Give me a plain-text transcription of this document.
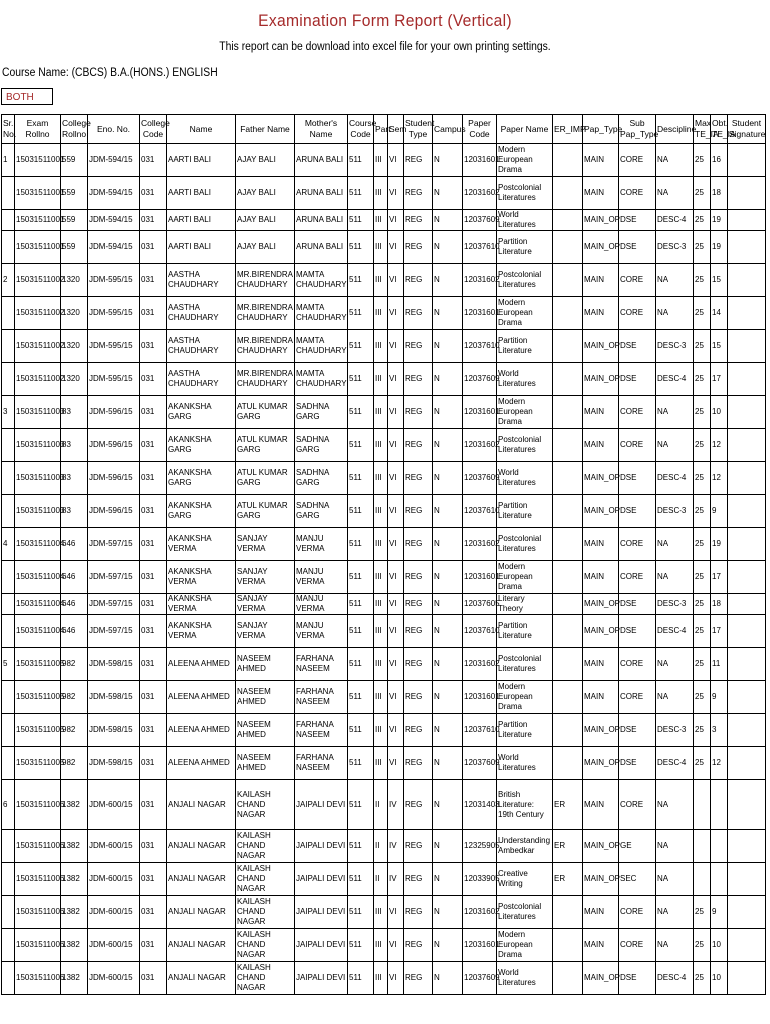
Examination Form Report (Vertical)
This report can be download into excel file for your own printing settings.
Course Name: (CBCS) B.A.(HONS.) ENGLISH
BOTH
Sr. No.	Exam Rollno	College Rollno	Eno. No.	College Code	Name	Father Name	Mother's Name	Course Code	Part	Sem	Student Type	Campus	Paper Code	Paper Name	ER_IMP	Pap_Type	Sub Pap_Type	Descipline	Max TE_IA	Obt. TE_IA	Student Signature
1	15031511001	559	JDM-594/15	031	AARTI BALI	AJAY BALI	ARUNA BALI	511	III	VI	REG	N	12031601	Modern European Drama		MAIN	CORE	NA	25	16	
	15031511001	559	JDM-594/15	031	AARTI BALI	AJAY BALI	ARUNA BALI	511	III	VI	REG	N	12031602	Postcolonial Literatures		MAIN	CORE	NA	25	18	
	15031511001	559	JDM-594/15	031	AARTI BALI	AJAY BALI	ARUNA BALI	511	III	VI	REG	N	12037609	World Literatures		MAIN_OP	DSE	DESC-4	25	19	
	15031511001	559	JDM-594/15	031	AARTI BALI	AJAY BALI	ARUNA BALI	511	III	VI	REG	N	12037610	Partition Literature		MAIN_OP	DSE	DESC-3	25	19	
2	15031511002	1320	JDM-595/15	031	AASTHA CHAUDHARY	MR.BIRENDRA CHAUDHARY	MAMTA CHAUDHARY	511	III	VI	REG	N	12031602	Postcolonial Literatures		MAIN	CORE	NA	25	15	
	15031511002	1320	JDM-595/15	031	AASTHA CHAUDHARY	MR.BIRENDRA CHAUDHARY	MAMTA CHAUDHARY	511	III	VI	REG	N	12031601	Modern European Drama		MAIN	CORE	NA	25	14	
	15031511002	1320	JDM-595/15	031	AASTHA CHAUDHARY	MR.BIRENDRA CHAUDHARY	MAMTA CHAUDHARY	511	III	VI	REG	N	12037610	Partition Literature		MAIN_OP	DSE	DESC-3	25	15	
	15031511002	1320	JDM-595/15	031	AASTHA CHAUDHARY	MR.BIRENDRA CHAUDHARY	MAMTA CHAUDHARY	511	III	VI	REG	N	12037609	World Literatures		MAIN_OP	DSE	DESC-4	25	17	
3	15031511003	83	JDM-596/15	031	AKANKSHA GARG	ATUL KUMAR GARG	SADHNA GARG	511	III	VI	REG	N	12031601	Modern European Drama		MAIN	CORE	NA	25	10	
	15031511003	83	JDM-596/15	031	AKANKSHA GARG	ATUL KUMAR GARG	SADHNA GARG	511	III	VI	REG	N	12031602	Postcolonial Literatures		MAIN	CORE	NA	25	12	
	15031511003	83	JDM-596/15	031	AKANKSHA GARG	ATUL KUMAR GARG	SADHNA GARG	511	III	VI	REG	N	12037609	World Literatures		MAIN_OP	DSE	DESC-4	25	12	
	15031511003	83	JDM-596/15	031	AKANKSHA GARG	ATUL KUMAR GARG	SADHNA GARG	511	III	VI	REG	N	12037610	Partition Literature		MAIN_OP	DSE	DESC-3	25	9	
4	15031511004	646	JDM-597/15	031	AKANKSHA VERMA	SANJAY VERMA	MANJU VERMA	511	III	VI	REG	N	12031602	Postcolonial Literatures		MAIN	CORE	NA	25	19	
	15031511004	646	JDM-597/15	031	AKANKSHA VERMA	SANJAY VERMA	MANJU VERMA	511	III	VI	REG	N	12031601	Modern European Drama		MAIN	CORE	NA	25	17	
	15031511004	646	JDM-597/15	031	AKANKSHA VERMA	SANJAY VERMA	MANJU VERMA	511	III	VI	REG	N	12037605	Literary Theory		MAIN_OP	DSE	DESC-3	25	18	
	15031511004	646	JDM-597/15	031	AKANKSHA VERMA	SANJAY VERMA	MANJU VERMA	511	III	VI	REG	N	12037610	Partition Literature		MAIN_OP	DSE	DESC-4	25	17	
5	15031511005	982	JDM-598/15	031	ALEENA AHMED	NASEEM AHMED	FARHANA NASEEM	511	III	VI	REG	N	12031602	Postcolonial Literatures		MAIN	CORE	NA	25	11	
	15031511005	982	JDM-598/15	031	ALEENA AHMED	NASEEM AHMED	FARHANA NASEEM	511	III	VI	REG	N	12031601	Modern European Drama		MAIN	CORE	NA	25	9	
	15031511005	982	JDM-598/15	031	ALEENA AHMED	NASEEM AHMED	FARHANA NASEEM	511	III	VI	REG	N	12037610	Partition Literature		MAIN_OP	DSE	DESC-3	25	3	
	15031511005	982	JDM-598/15	031	ALEENA AHMED	NASEEM AHMED	FARHANA NASEEM	511	III	VI	REG	N	12037609	World Literatures		MAIN_OP	DSE	DESC-4	25	12	
6	15031511006	1382	JDM-600/15	031	ANJALI NAGAR	KAILASH CHAND NAGAR	JAIPALI DEVI	511	II	IV	REG	N	12031403	British Literature: 19th Century	ER	MAIN	CORE	NA			
	15031511006	1382	JDM-600/15	031	ANJALI NAGAR	KAILASH CHAND NAGAR	JAIPALI DEVI	511	II	IV	REG	N	12325905	Understanding Ambedkar	ER	MAIN_OP	GE	NA			
	15031511006	1382	JDM-600/15	031	ANJALI NAGAR	KAILASH CHAND NAGAR	JAIPALI DEVI	511	II	IV	REG	N	12033905	Creative Writing	ER	MAIN_OP	SEC	NA			
	15031511006	1382	JDM-600/15	031	ANJALI NAGAR	KAILASH CHAND NAGAR	JAIPALI DEVI	511	III	VI	REG	N	12031602	Postcolonial Literatures		MAIN	CORE	NA	25	9	
	15031511006	1382	JDM-600/15	031	ANJALI NAGAR	KAILASH CHAND NAGAR	JAIPALI DEVI	511	III	VI	REG	N	12031601	Modern European Drama		MAIN	CORE	NA	25	10	
	15031511006	1382	JDM-600/15	031	ANJALI NAGAR	KAILASH CHAND NAGAR	JAIPALI DEVI	511	III	VI	REG	N	12037609	World Literatures		MAIN_OP	DSE	DESC-4	25	10	
